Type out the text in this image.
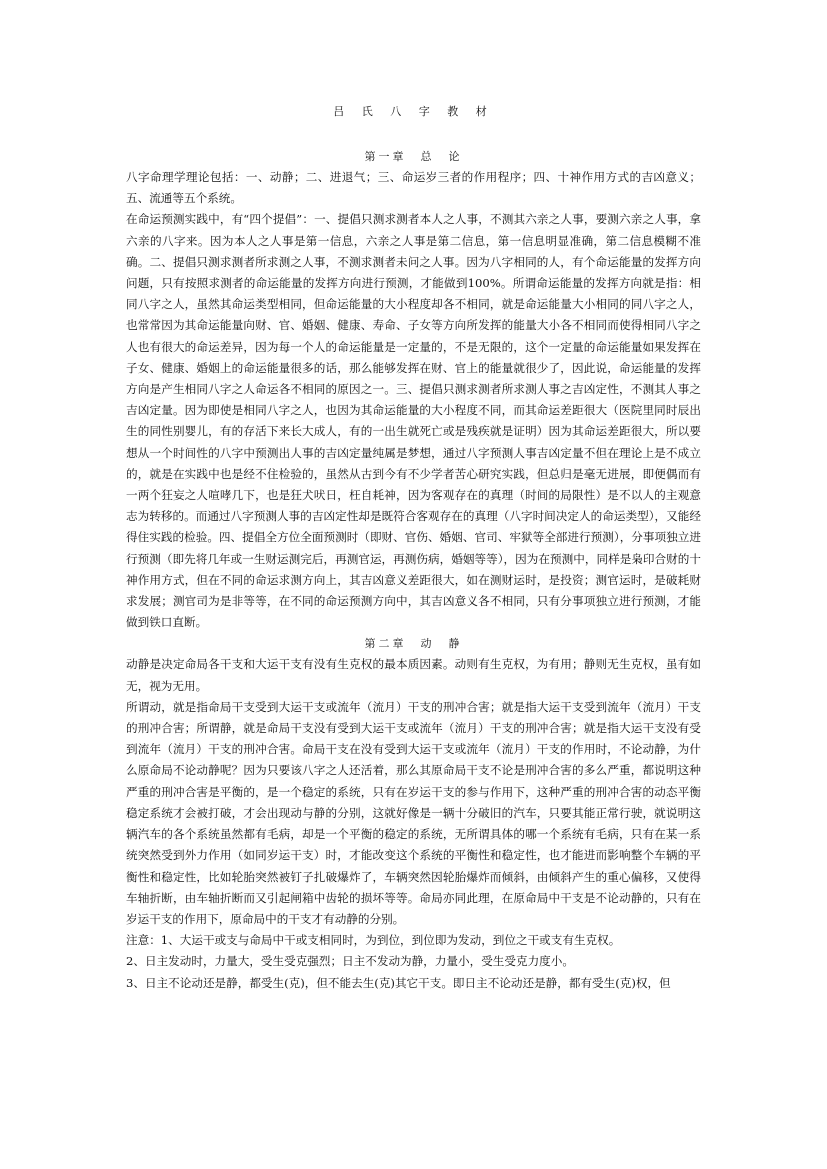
吕 氏 八 字 教 材

第一章　总　论

八字命理学理论包括：一、动静；二、进退气；三、命运岁三者的作用程序；四、十神作用方式的吉凶意义；五、流通等五个系统。

在命运预测实践中，有“四个提倡”：一、提倡只测求测者本人之人事，不测其六亲之人事，要测六亲之人事，拿六亲的八字来。因为本人之人事是第一信息，六亲之人事是第二信息，第一信息明显准确，第二信息模糊不准确。二、提倡只测求测者所求测之人事，不测求测者未问之人事。因为八字相同的人，有个命运能量的发挥方向问题，只有按照求测者的命运能量的发挥方向进行预测，才能做到100%。所谓命运能量的发挥方向就是指：相同八字之人，虽然其命运类型相同，但命运能量的大小程度却各不相同，就是命运能量大小相同的同八字之人，也常常因为其命运能量向财、官、婚姻、健康、寿命、子女等方向所发挥的能量大小各不相同而使得相同八字之人也有很大的命运差异，因为每一个人的命运能量是一定量的，不是无限的，这个一定量的命运能量如果发挥在子女、健康、婚姻上的命运能量很多的话，那么能够发挥在财、官上的能量就很少了，因此说，命运能量的发挥方向是产生相同八字之人命运各不相同的原因之一。三、提倡只测求测者所求测人事之吉凶定性，不测其人事之吉凶定量。因为即使是相同八字之人，也因为其命运能量的大小程度不同，而其命运差距很大（医院里同时辰出生的同性别婴儿，有的存活下来长大成人，有的一出生就死亡或是残疾就是证明）因为其命运差距很大，所以要想从一个时间性的八字中预测出人事的吉凶定量纯属是梦想，通过八字预测人事吉凶定量不但在理论上是不成立的，就是在实践中也是经不住检验的，虽然从古到今有不少学者苦心研究实践，但总归是毫无进展，即便偶而有一两个狂妄之人喧哮几下，也是狂犬吠日，枉自耗神，因为客观存在的真理（时间的局限性）是不以人的主观意志为转移的。而通过八字预测人事的吉凶定性却是既符合客观存在的真理（八字时间决定人的命运类型），又能经得住实践的检验。四、提倡全方位全面预测时（即财、官伤、婚姻、官司、牢狱等全部进行预测），分事项独立进行预测（即先将几年或一生财运测完后，再测官运，再测伤病，婚姻等等），因为在预测中，同样是枭印合财的十神作用方式，但在不同的命运求测方向上，其吉凶意义差距很大，如在测财运时，是投资；测官运时，是破耗财求发展；测官司为是非等等，在不同的命运预测方向中，其吉凶意义各不相同，只有分事项独立进行预测，才能做到铁口直断。

第二章　动　静

动静是决定命局各干支和大运干支有没有生克权的最本质因素。动则有生克权，为有用；静则无生克权，虽有如无，视为无用。

所谓动，就是指命局干支受到大运干支或流年（流月）干支的刑冲合害；就是指大运干支受到流年（流月）干支的刑冲合害；所谓静，就是命局干支没有受到大运干支或流年（流月）干支的刑冲合害；就是指大运干支没有受到流年（流月）干支的刑冲合害。命局干支在没有受到大运干支或流年（流月）干支的作用时，不论动静，为什么原命局不论动静呢？因为只要该八字之人还活着，那么其原命局干支不论是刑冲合害的多么严重，都说明这种严重的刑冲合害是平衡的，是一个稳定的系统，只有在岁运干支的参与作用下，这种严重的刑冲合害的动态平衡稳定系统才会被打破，才会出现动与静的分别，这就好像是一辆十分破旧的汽车，只要其能正常行驶，就说明这辆汽车的各个系统虽然都有毛病，却是一个平衡的稳定的系统，无所谓具体的哪一个系统有毛病，只有在某一系统突然受到外力作用（如同岁运干支）时，才能改变这个系统的平衡性和稳定性，也才能进而影响整个车辆的平衡性和稳定性，比如轮胎突然被钉子扎破爆炸了，车辆突然因轮胎爆炸而倾斜，由倾斜产生的重心偏移，又使得车轴折断，由车轴折断而又引起闸箱中齿轮的损坏等等。命局亦同此理，在原命局中干支是不论动静的，只有在岁运干支的作用下，原命局中的干支才有动静的分别。

注意：1、大运干或支与命局中干或支相同时，为到位，到位即为发动，到位之干或支有生克权。

2、日主发动时，力量大，受生受克强烈；日主不发动为静，力量小，受生受克力度小。

3、日主不论动还是静，都受生(克)，但不能去生(克)其它干支。即日主不论动还是静，都有受生(克)权，但
